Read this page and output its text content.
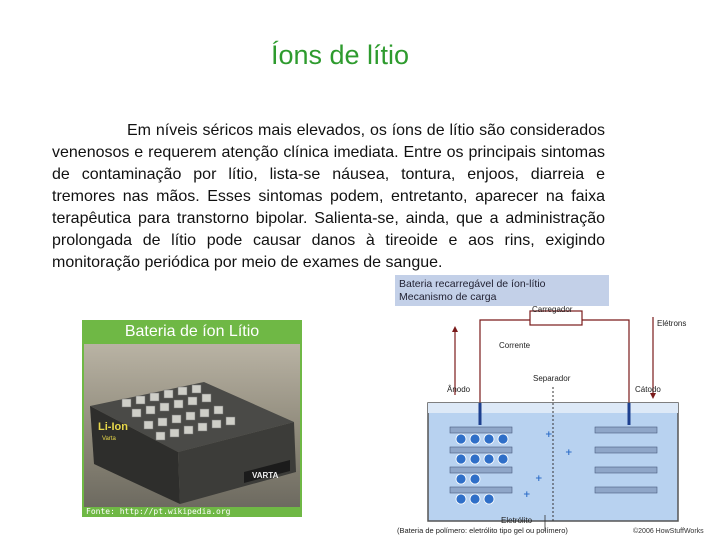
Íons de lítio
Em níveis séricos mais elevados, os íons de lítio são considerados venenosos e requerem atenção clínica imediata. Entre os principais sintomas de contaminação por lítio, lista-se náusea, tontura, enjoos, diarreia e tremores nas mãos. Esses sintomas podem, entretanto, aparecer na faixa terapêutica para transtorno bipolar. Salienta-se, ainda, que a administração prolongada de lítio pode causar danos à tireoide e aos rins, exigindo monitoração periódica por meio de exames de sangue.
Bateria de íon Lítio
VARTA
Li-Ion
Varta
Fonte: http://pt.wikipedia.org
Bateria recarregável de íon-lítio
Mecanismo de carga
+
+
+
+
Carregador
Elétrons
Corrente
Ânodo
Separador
Cátodo
Eletrólito
(Bateria de polímero: eletrólito tipo gel ou polímero)	©2006 HowStuffWorks
